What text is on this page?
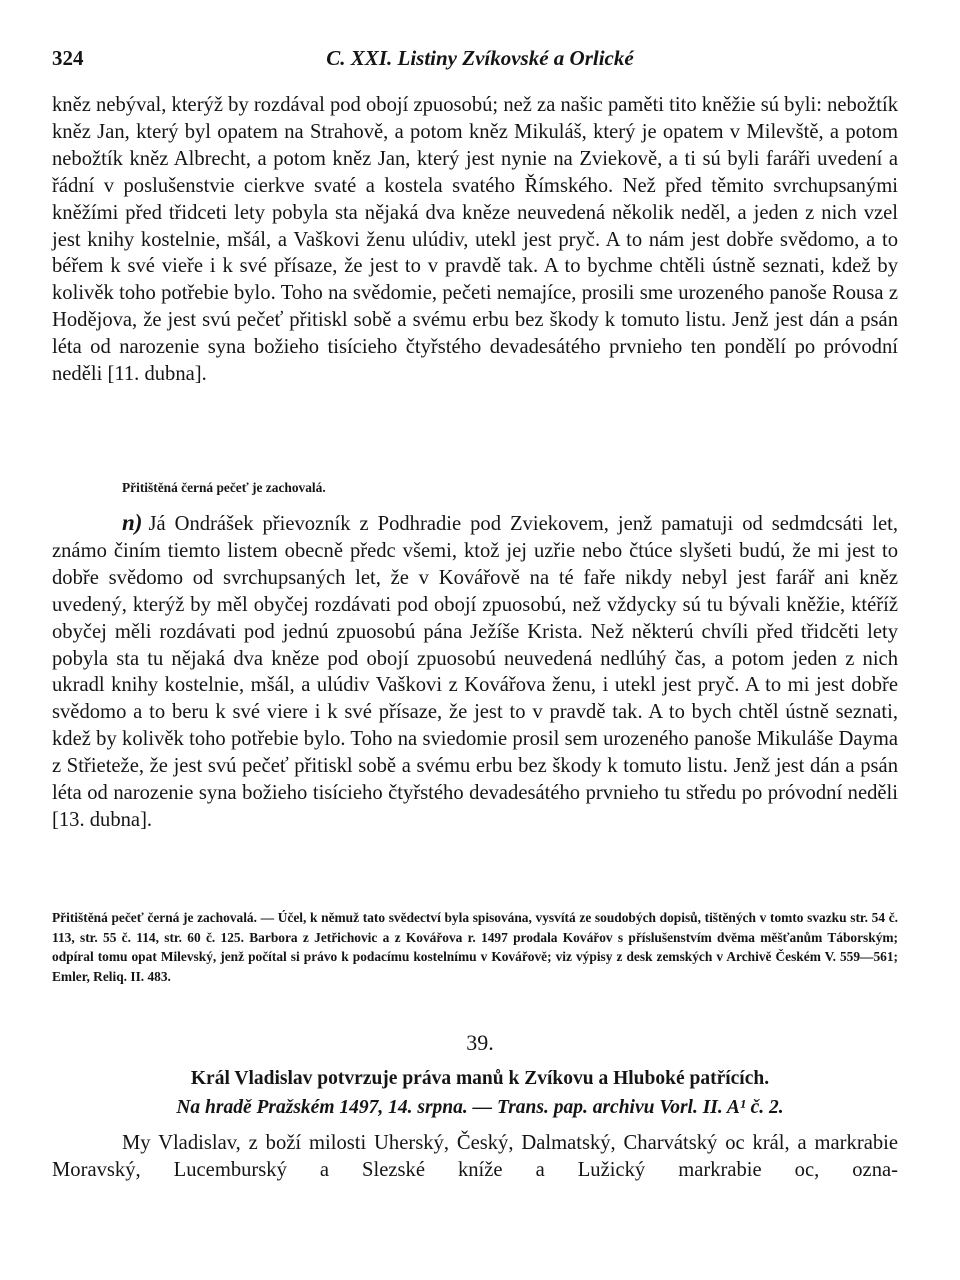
324	C. XXI. Listiny Zvíkovské a Orlické

kněz nebýval, kterýž by rozdával pod obojí zpuosobú; než za našic paměti tito kněžie sú byli: nebožtík kněz Jan, který byl opatem na Strahově, a potom kněz Mikuláš, který je opatem v Milevště, a potom nebožtík kněz Albrecht, a potom kněz Jan, který jest nynie na Zviekově, a ti sú byli faráři uvedení a řádní v poslušenstvie cierkve svaté a kostela svatého Římského. Než před těmito svrchupsanými kněžími před třidceti lety pobyla sta nějaká dva kněze neuvedená několik neděl, a jeden z nich vzel jest knihy kostelnie, mšál, a Vaškovi ženu ulúdiv, utekl jest pryč. A to nám jest dobře svědomo, a to béřem k své vieře i k své přísaze, že jest to v pravdě tak. A to bychme chtěli ústně seznati, kdež by kolivěk toho potřebie bylo. Toho na svědomie, pečeti nemajíce, prosili sme urozeného panoše Rousa z Hodějova, že jest svú pečeť přitiskl sobě a svému erbu bez škody k tomuto listu. Jenž jest dán a psán léta od narozenie syna božieho tisícieho čtyřstého devadesátého prvnieho ten pondělí po próvodní neděli [11. dubna].

Přitištěná černá pečeť je zachovalá.

n) Já Ondrášek přievozník z Podhradie pod Zviekovem, jenž pamatuji od sedmdcsáti let, známo činím tiemto listem obecně předc všemi, ktož jej uzřie nebo čtúce slyšeti budú, že mi jest to dobře svědomo od svrchupsaných let, že v Kovářově na té faře nikdy nebyl jest farář ani kněz uvedený, kterýž by měl obyčej rozdávati pod obojí zpuosobú, než vždycky sú tu bývali kněžie, ktéříž obyčej měli rozdávati pod jednú zpuosobú pána Ježíše Krista. Než některú chvíli před třidcěti lety pobyla sta tu nějaká dva kněze pod obojí zpuosobú neuvedená nedlúhý čas, a potom jeden z nich ukradl knihy kostelnie, mšál, a ulúdiv Vaškovi z Kovářova ženu, i utekl jest pryč. A to mi jest dobře svědomo a to beru k své viere i k své přísaze, že jest to v pravdě tak. A to bych chtěl ústně seznati, kdež by kolivěk toho potřebie bylo. Toho na sviedomie prosil sem urozeného panoše Mikuláše Dayma z Střieteže, že jest svú pečeť přitiskl sobě a svému erbu bez škody k tomuto listu. Jenž jest dán a psán léta od narozenie syna božieho tisícieho čtyřstého devadesátého prvnieho tu středu po próvodní neděli [13. dubna].

Přitištěná pečeť černá je zachovalá. — Účel, k němuž tato svědectví byla spisována, vysvítá ze soudobých dopisů, tištěných v tomto svazku str. 54 č. 113, str. 55 č. 114, str. 60 č. 125. Barbora z Jetřichovic a z Kovářova r. 1497 prodala Kovářov s příslušenstvím dvěma měšťanům Táborským; odpíral tomu opat Milevský, jenž počítal si právo k podacímu kostelnímu v Kovářově; viz výpisy z desk zemských v Archivě Českém V. 559—561; Emler, Reliq. II. 483.

39.

Král Vladislav potvrzuje práva manů k Zvíkovu a Hluboké patřících.

Na hradě Pražském 1497, 14. srpna. — Trans. pap. archivu Vorl. II. A¹ č. 2.

My Vladislav, z boží milosti Uherský, Český, Dalmatský, Charvátský oc král, a markrabie Moravský, Lucemburský a Slezské kníže a Lužický markrabie oc, ozna-
